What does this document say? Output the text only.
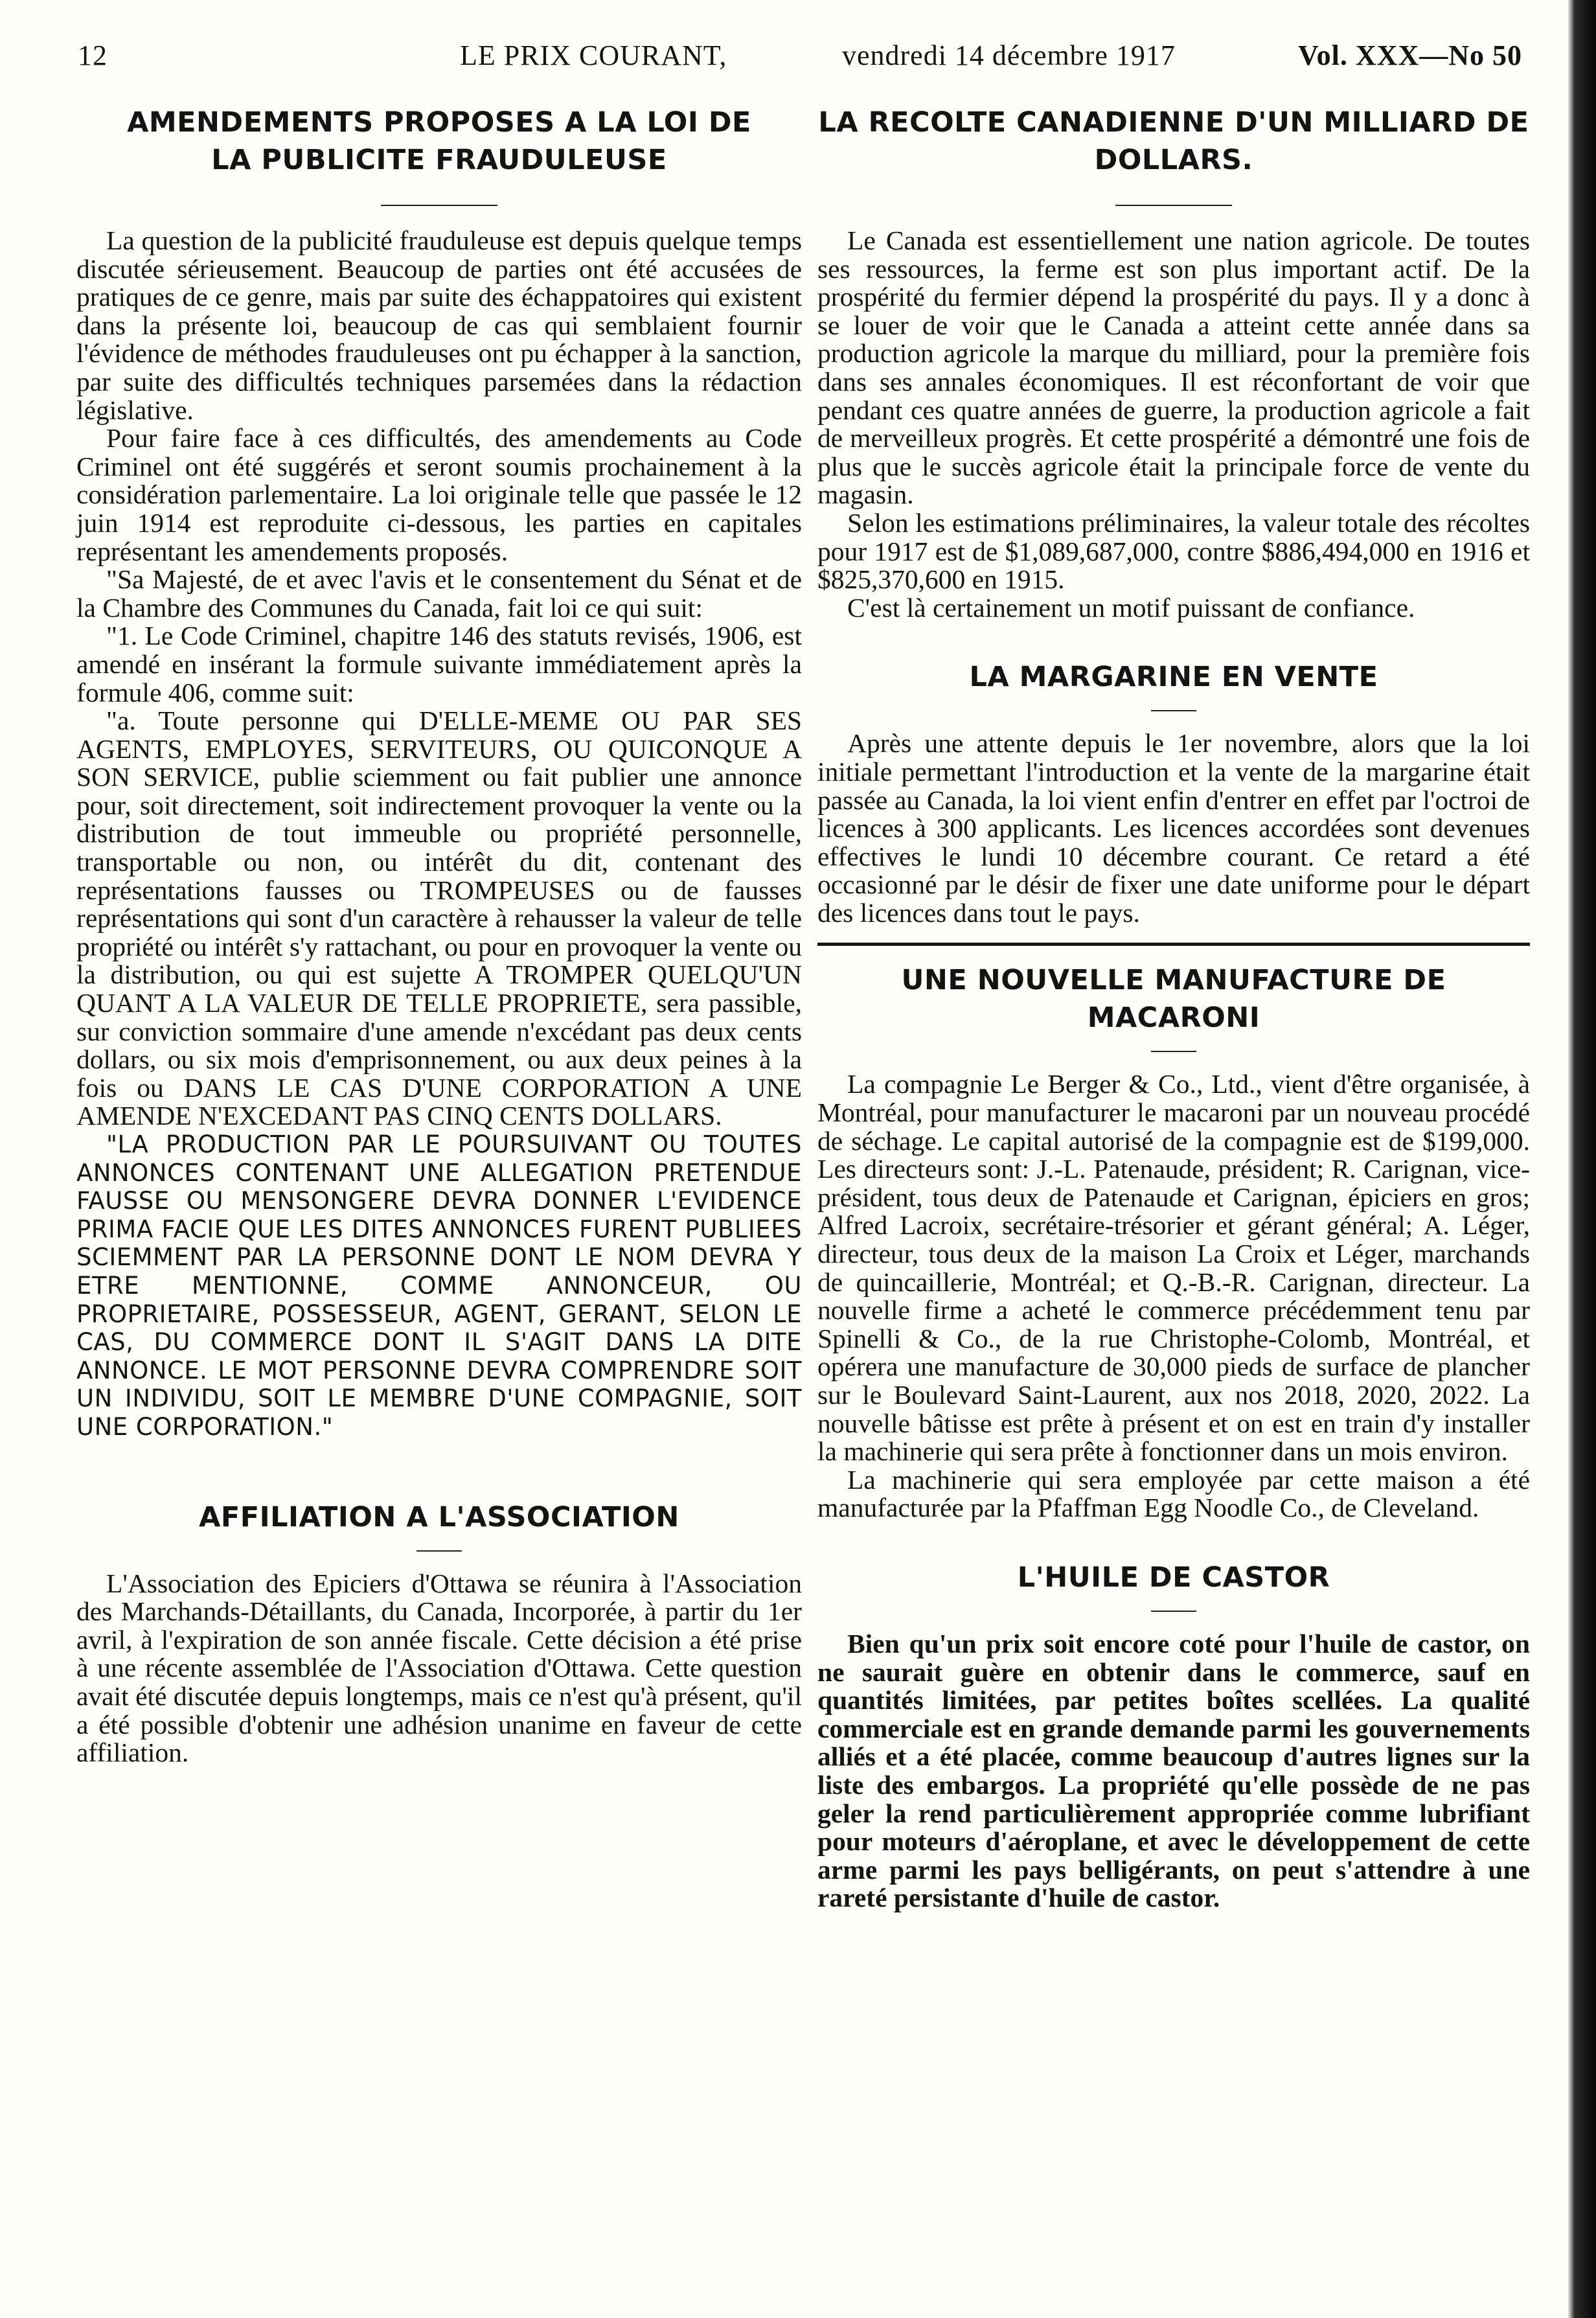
12	LE PRIX COURANT,	vendredi 14 décembre 1917	Vol. XXX—No 50
AMENDEMENTS PROPOSES A LA LOI DE LA PUBLICITE FRAUDULEUSE

La question de la publicité frauduleuse est depuis quelque temps discutée sérieusement. Beaucoup de parties ont été accusées de pratiques de ce genre, mais par suite des échappatoires qui existent dans la présente loi, beaucoup de cas qui semblaient fournir l'évidence de méthodes frauduleuses ont pu échapper à la sanction, par suite des difficultés techniques parsemées dans la rédaction législative.

Pour faire face à ces difficultés, des amendements au Code Criminel ont été suggérés et seront soumis prochainement à la considération parlementaire. La loi originale telle que passée le 12 juin 1914 est reproduite ci-dessous, les parties en capitales représentant les amendements proposés.

"Sa Majesté, de et avec l'avis et le consentement du Sénat et de la Chambre des Communes du Canada, fait loi ce qui suit:

"1. Le Code Criminel, chapitre 146 des statuts revisés, 1906, est amendé en insérant la formule suivante immédiatement après la formule 406, comme suit:

"a. Toute personne qui D'ELLE-MEME OU PAR SES AGENTS, EMPLOYES, SERVITEURS, OU QUICONQUE A SON SERVICE, publie sciemment ou fait publier une annonce pour, soit directement, soit indirectement provoquer la vente ou la distribution de tout immeuble ou propriété personnelle, transportable ou non, ou intérêt du dit, contenant des représentations fausses ou TROMPEUSES ou de fausses représentations qui sont d'un caractère à rehausser la valeur de telle propriété ou intérêt s'y rattachant, ou pour en provoquer la vente ou la distribution, ou qui est sujette A TROMPER QUELQU'UN QUANT A LA VALEUR DE TELLE PROPRIETE, sera passible, sur conviction sommaire d'une amende n'excédant pas deux cents dollars, ou six mois d'emprisonnement, ou aux deux peines à la fois ou DANS LE CAS D'UNE CORPORATION A UNE AMENDE N'EXCEDANT PAS CINQ CENTS DOLLARS.

"LA PRODUCTION PAR LE POURSUIVANT OU TOUTES ANNONCES CONTENANT UNE ALLEGATION PRETENDUE FAUSSE OU MENSONGERE DEVRA DONNER L'EVIDENCE PRIMA FACIE QUE LES DITES ANNONCES FURENT PUBLIEES SCIEMMENT PAR LA PERSONNE DONT LE NOM DEVRA Y ETRE MENTIONNE, COMME ANNONCEUR, OU PROPRIETAIRE, POSSESSEUR, AGENT, GERANT, SELON LE CAS, DU COMMERCE DONT IL S'AGIT DANS LA DITE ANNONCE. LE MOT PERSONNE DEVRA COMPRENDRE SOIT UN INDIVIDU, SOIT LE MEMBRE D'UNE COMPAGNIE, SOIT UNE CORPORATION."

AFFILIATION A L'ASSOCIATION

L'Association des Epiciers d'Ottawa se réunira à l'Association des Marchands-Détaillants, du Canada, Incorporée, à partir du 1er avril, à l'expiration de son année fiscale. Cette décision a été prise à une récente assemblée de l'Association d'Ottawa. Cette question avait été discutée depuis longtemps, mais ce n'est qu'à présent, qu'il a été possible d'obtenir une adhésion unanime en faveur de cette affiliation.

LA RECOLTE CANADIENNE D'UN MILLIARD DE DOLLARS.

Le Canada est essentiellement une nation agricole. De toutes ses ressources, la ferme est son plus important actif. De la prospérité du fermier dépend la prospérité du pays. Il y a donc à se louer de voir que le Canada a atteint cette année dans sa production agricole la marque du milliard, pour la première fois dans ses annales économiques. Il est réconfortant de voir que pendant ces quatre années de guerre, la production agricole a fait de merveilleux progrès. Et cette prospérité a démontré une fois de plus que le succès agricole était la principale force de vente du magasin.

Selon les estimations préliminaires, la valeur totale des récoltes pour 1917 est de $1,089,687,000, contre $886,494,000 en 1916 et $825,370,600 en 1915.

C'est là certainement un motif puissant de confiance.

LA MARGARINE EN VENTE

Après une attente depuis le 1er novembre, alors que la loi initiale permettant l'introduction et la vente de la margarine était passée au Canada, la loi vient enfin d'entrer en effet par l'octroi de licences à 300 applicants. Les licences accordées sont devenues effectives le lundi 10 décembre courant. Ce retard a été occasionné par le désir de fixer une date uniforme pour le départ des licences dans tout le pays.

UNE NOUVELLE MANUFACTURE DE MACARONI

La compagnie Le Berger & Co., Ltd., vient d'être organisée, à Montréal, pour manufacturer le macaroni par un nouveau procédé de séchage. Le capital autorisé de la compagnie est de $199,000. Les directeurs sont: J.-L. Patenaude, président; R. Carignan, vice-président, tous deux de Patenaude et Carignan, épiciers en gros; Alfred Lacroix, secrétaire-trésorier et gérant général; A. Léger, directeur, tous deux de la maison La Croix et Léger, marchands de quincaillerie, Montréal; et Q.-B.-R. Carignan, directeur. La nouvelle firme a acheté le commerce précédemment tenu par Spinelli & Co., de la rue Christophe-Colomb, Montréal, et opérera une manufacture de 30,000 pieds de surface de plancher sur le Boulevard Saint-Laurent, aux nos 2018, 2020, 2022. La nouvelle bâtisse est prête à présent et on est en train d'y installer la machinerie qui sera prête à fonctionner dans un mois environ.

La machinerie qui sera employée par cette maison a été manufacturée par la Pfaffman Egg Noodle Co., de Cleveland.

L'HUILE DE CASTOR

Bien qu'un prix soit encore coté pour l'huile de castor, on ne saurait guère en obtenir dans le commerce, sauf en quantités limitées, par petites boîtes scellées. La qualité commerciale est en grande demande parmi les gouvernements alliés et a été placée, comme beaucoup d'autres lignes sur la liste des embargos. La propriété qu'elle possède de ne pas geler la rend particulièrement appropriée comme lubrifiant pour moteurs d'aéroplane, et avec le développement de cette arme parmi les pays belligérants, on peut s'attendre à une rareté persistante d'huile de castor.
